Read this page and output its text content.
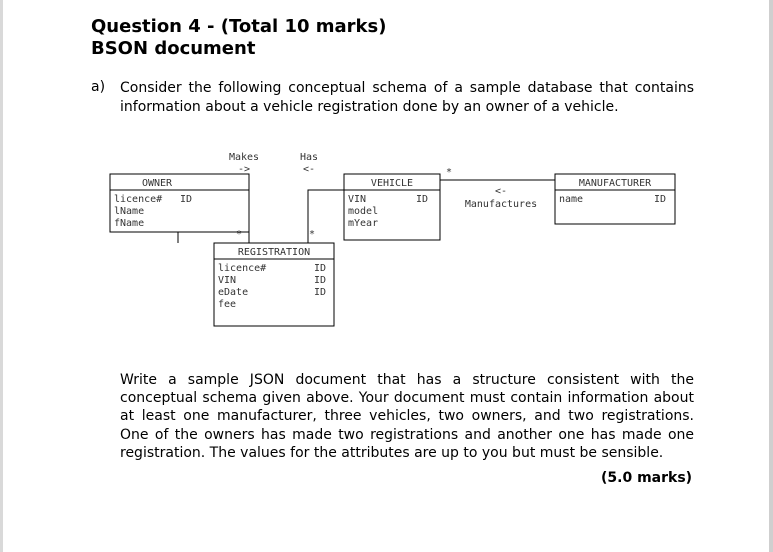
Question 4 - (Total 10 marks)
BSON document
a) Consider the following conceptual schema of a sample database that contains information about a vehicle registration done by an owner of a vehicle.
OWNER
licence# ID
lName
fName
VEHICLE
VIN	ID
model
mYear
MANUFACTURER
name	ID
REGISTRATION
licence#	ID
VIN	ID
eDate	ID
fee
Makes
->
*
Has
<-
*
*
<-
Manufactures
Write a sample JSON document that has a structure consistent with the conceptual schema given above. Your document must contain information about at least one manufacturer, three vehicles, two owners, and two registrations. One of the owners has made two registrations and another one has made one registration. The values for the attributes are up to you but must be sensible.
(5.0 marks)
